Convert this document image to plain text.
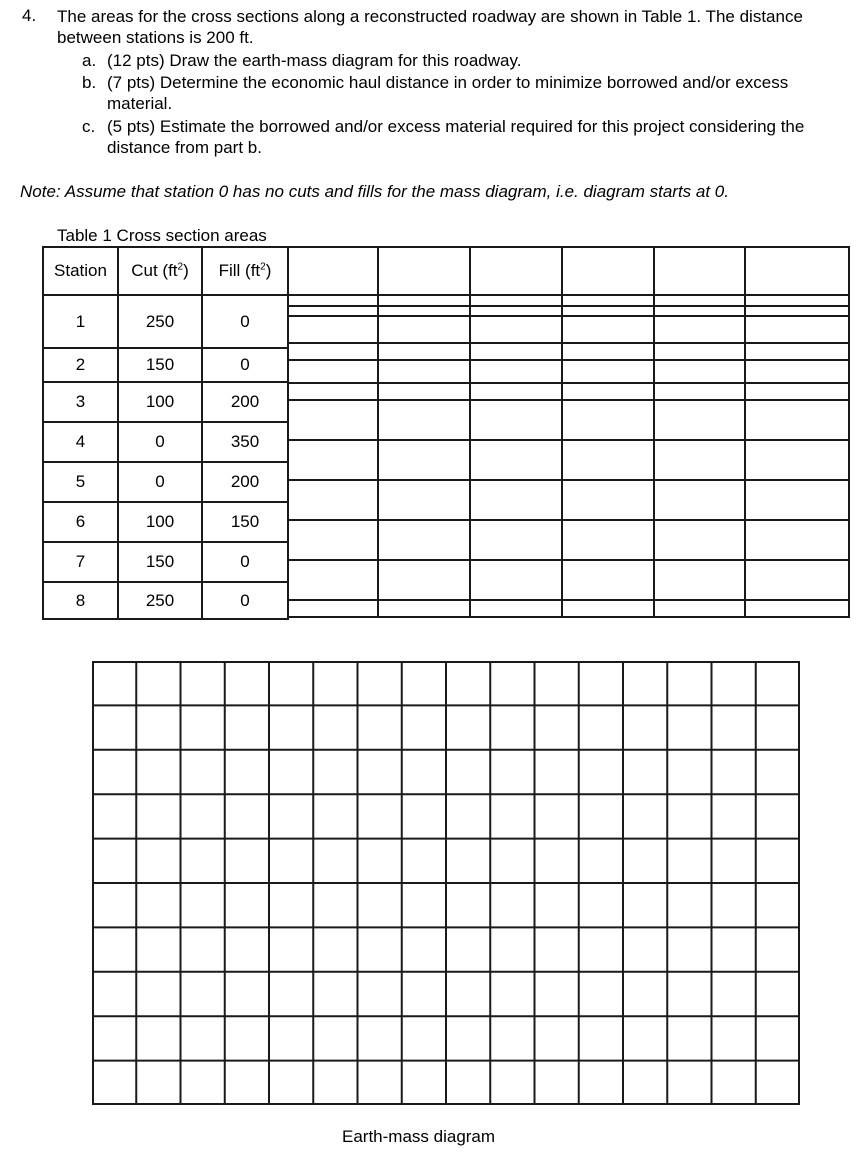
4. The areas for the cross sections along a reconstructed roadway are shown in Table 1. The distance between stations is 200 ft.
a. (12 pts) Draw the earth-mass diagram for this roadway.
b. (7 pts) Determine the economic haul distance in order to minimize borrowed and/or excess material.
c. (5 pts) Estimate the borrowed and/or excess material required for this project considering the distance from part b.
Note: Assume that station 0 has no cuts and fills for the mass diagram, i.e. diagram starts at 0.
Table 1 Cross section areas
Station	Cut $(ft^2)$	Fill $(ft^2)$
1	250	0
2	150	0
3	100	200
4	0	350
5	0	200
6	100	150
7	150	0
8	250	0
Earth-mass diagram
